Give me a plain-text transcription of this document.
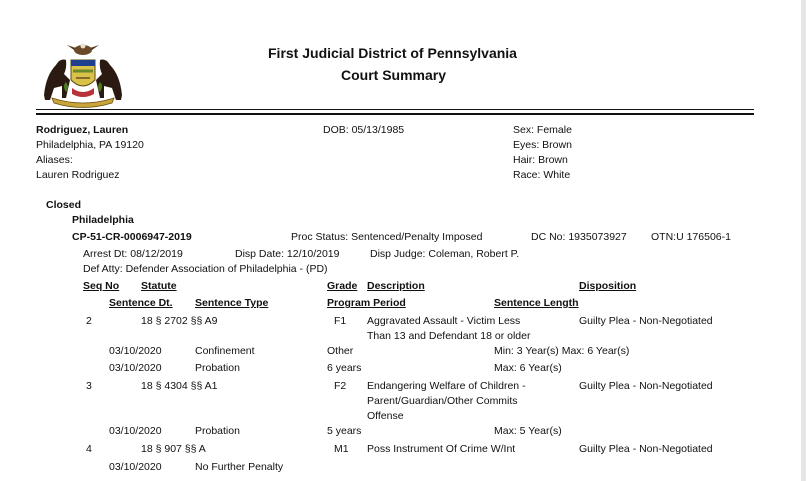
First Judicial District of Pennsylvania
Court Summary
Rodriguez, Lauren
Philadelphia, PA 19120
Aliases:
Lauren Rodriguez
DOB: 05/13/1985	Sex: Female
Eyes: Brown
Hair: Brown
Race: White
Closed
Philadelphia
CP-51-CR-0006947-2019	Proc Status: Sentenced/Penalty Imposed	DC No: 1935073927 OTN:U 176506-1
Arrest Dt: 08/12/2019	Disp Date: 12/10/2019	Disp Judge: Coleman, Robert P.
Def Atty: Defender Association of Philadelphia - (PD)
Seq No Statute	Grade Description	Disposition
Sentence Dt. Sentence Type	Program Period	Sentence Length
2	18 § 2702 §§ A9	F1 Aggravated Assault - Victim Less
Than 13 and Defendant 18 or older
Guilty Plea - Non-Negotiated
03/10/2020	Confinement	Other	Min: 3 Year(s) Max: 6 Year(s)
03/10/2020	Probation	6 years	Max: 6 Year(s)
3	18 § 4304 §§ A1	F2 Endangering Welfare of Children -
Parent/Guardian/Other Commits
Offense
Guilty Plea - Non-Negotiated
03/10/2020	Probation	5 years	Max: 5 Year(s)
4	18 § 907 §§ A	M1 Poss Instrument Of Crime W/Int	Guilty Plea - Non-Negotiated
03/10/2020	No Further Penalty
